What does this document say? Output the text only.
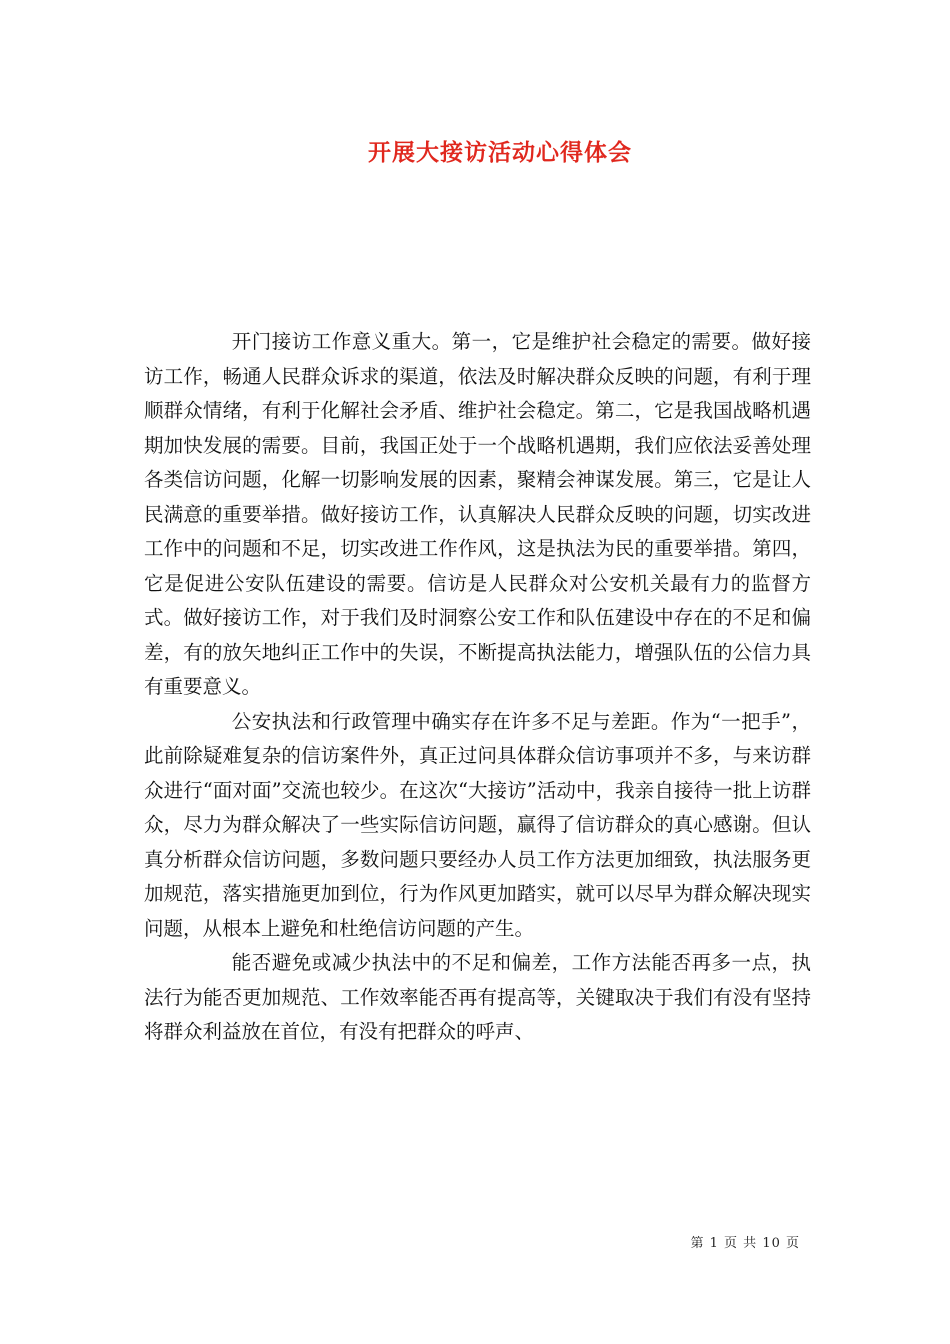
开展大接访活动心得体会

开门接访工作意义重大。第一，它是维护社会稳定的需要。做好接访工作，畅通人民群众诉求的渠道，依法及时解决群众反映的问题，有利于理顺群众情绪，有利于化解社会矛盾、维护社会稳定。第二，它是我国战略机遇期加快发展的需要。目前，我国正处于一个战略机遇期，我们应依法妥善处理各类信访问题，化解一切影响发展的因素，聚精会神谋发展。第三，它是让人民满意的重要举措。做好接访工作，认真解决人民群众反映的问题，切实改进工作中的问题和不足，切实改进工作作风，这是执法为民的重要举措。第四，它是促进公安队伍建设的需要。信访是人民群众对公安机关最有力的监督方式。做好接访工作，对于我们及时洞察公安工作和队伍建设中存在的不足和偏差，有的放矢地纠正工作中的失误，不断提高执法能力，增强队伍的公信力具有重要意义。

公安执法和行政管理中确实存在许多不足与差距。作为“一把手”，此前除疑难复杂的信访案件外，真正过问具体群众信访事项并不多，与来访群众进行“面对面”交流也较少。在这次“大接访”活动中，我亲自接待一批上访群众，尽力为群众解决了一些实际信访问题，赢得了信访群众的真心感谢。但认真分析群众信访问题，多数问题只要经办人员工作方法更加细致，执法服务更加规范，落实措施更加到位，行为作风更加踏实，就可以尽早为群众解决现实问题，从根本上避免和杜绝信访问题的产生。

能否避免或减少执法中的不足和偏差，工作方法能否再多一点，执法行为能否更加规范、工作效率能否再有提高等，关键取决于我们有没有坚持将群众利益放在首位，有没有把群众的呼声、

第 1 页 共 10 页
